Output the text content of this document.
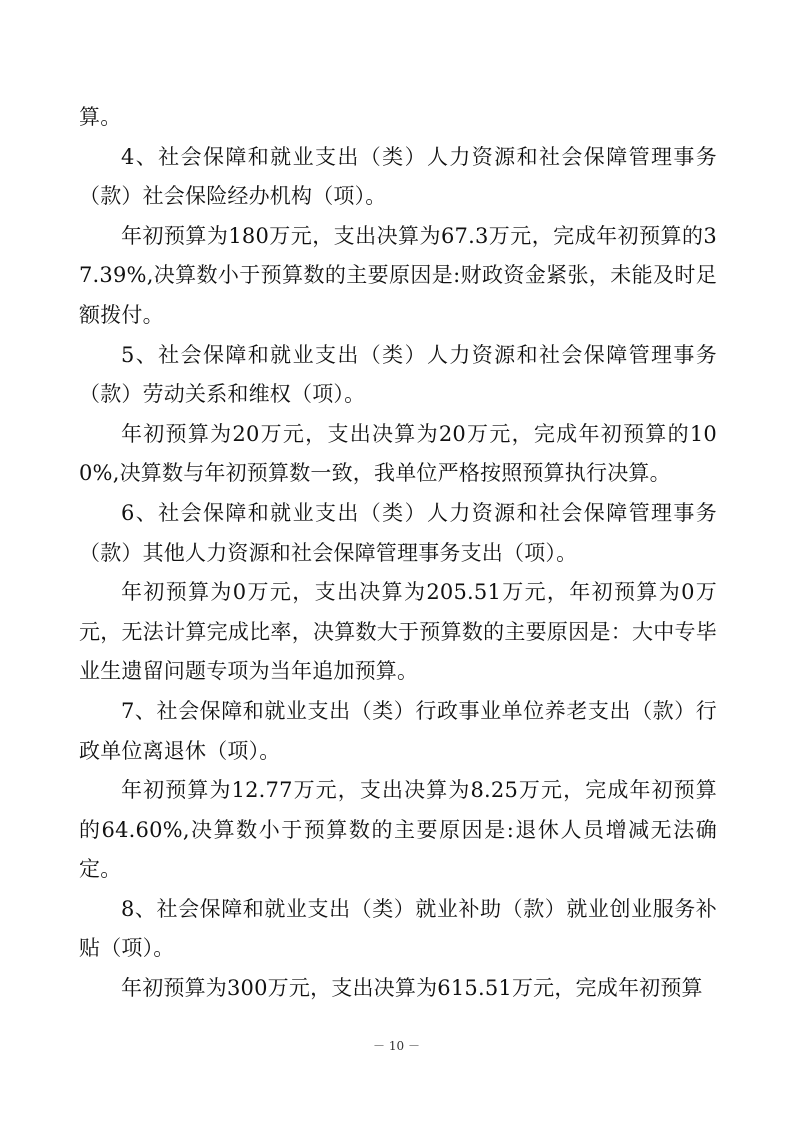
算。

4、社会保障和就业支出（类）人力资源和社会保障管理事务（款）社会保险经办机构（项）。

年初预算为180万元，支出决算为67.3万元，完成年初预算的37.39%,决算数小于预算数的主要原因是:财政资金紧张，未能及时足额拨付。

5、社会保障和就业支出（类）人力资源和社会保障管理事务（款）劳动关系和维权（项）。

年初预算为20万元，支出决算为20万元，完成年初预算的100%,决算数与年初预算数一致，我单位严格按照预算执行决算。

6、社会保障和就业支出（类）人力资源和社会保障管理事务（款）其他人力资源和社会保障管理事务支出（项）。

年初预算为0万元，支出决算为205.51万元，年初预算为0万元，无法计算完成比率，决算数大于预算数的主要原因是：大中专毕业生遗留问题专项为当年追加预算。

7、社会保障和就业支出（类）行政事业单位养老支出（款）行政单位离退休（项）。

年初预算为12.77万元，支出决算为8.25万元，完成年初预算的64.60%,决算数小于预算数的主要原因是:退休人员增减无法确定。

8、社会保障和就业支出（类）就业补助（款）就业创业服务补贴（项）。

年初预算为300万元，支出决算为615.51万元，完成年初预算

－ 10 －
